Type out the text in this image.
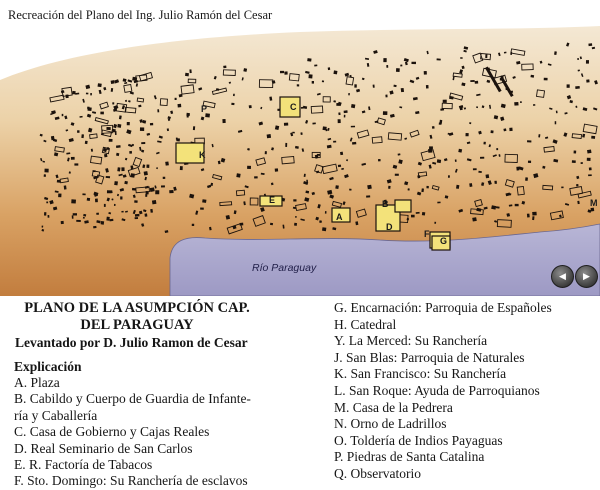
P
K
C
E
A
D
G
B
F
M
Recreación del Plano del Ing. Julio Ramón del Cesar
Río Paraguay
◀ ▶
PLANO DE LA ASUMPCIÓN CAP.
DEL PARAGUAY
Levantado por D. Julio Ramon de Cesar
Explicación
A. Plaza
B. Cabildo y Cuerpo de Guardia de Infante-
ría y Caballería
C. Casa de Gobierno y Cajas Reales
D. Real Seminario de San Carlos
E. R. Factoría de Tabacos
F. Sto. Domingo: Su Ranchería de esclavos
G. Encarnación: Parroquia de Españoles
H. Catedral
Y. La Merced: Su Ranchería
J. San Blas: Parroquia de Naturales
K. San Francisco: Su Ranchería
L. San Roque: Ayuda de Parroquianos
M. Casa de la Pedrera
N. Orno de Ladrillos
O. Toldería de Indios Payaguas
P. Piedras de Santa Catalina
Q. Observatorio
